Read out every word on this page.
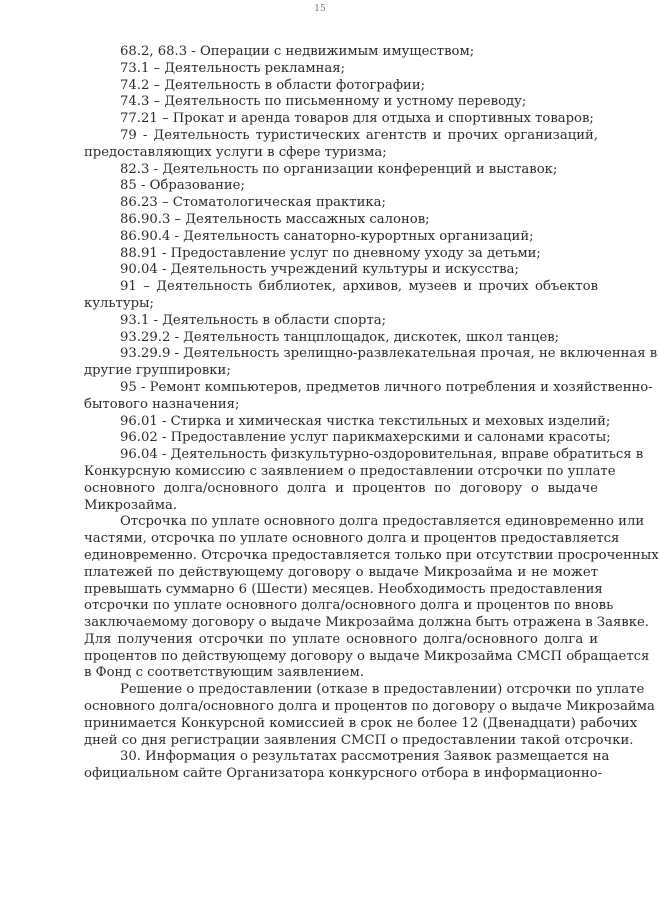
15
68.2, 68.3 - Операции с недвижимым имуществом;
73.1 – Деятельность рекламная;
74.2 – Деятельность в области фотографии;
74.3 – Деятельность по письменному и устному переводу;
77.21 – Прокат и аренда товаров для отдыха и спортивных товаров;
79 - Деятельность туристических агентств и прочих организаций,
предоставляющих услуги в сфере туризма;
82.3 - Деятельность по организации конференций и выставок;
85 - Образование;
86.23 – Стоматологическая практика;
86.90.3 – Деятельность массажных салонов;
86.90.4 - Деятельность санаторно-курортных организаций;
88.91 - Предоставление услуг по дневному уходу за детьми;
90.04 - Деятельность учреждений культуры и искусства;
91 – Деятельность библиотек, архивов, музеев и прочих объектов
культуры;
93.1 - Деятельность в области спорта;
93.29.2 - Деятельность танцплощадок, дискотек, школ танцев;
93.29.9 - Деятельность зрелищно-развлекательная прочая, не включенная в
другие группировки;
95 - Ремонт компьютеров, предметов личного потребления и хозяйственно-
бытового назначения;
96.01 - Стирка и химическая чистка текстильных и меховых изделий;
96.02 - Предоставление услуг парикмахерскими и салонами красоты;
96.04 - Деятельность физкультурно-оздоровительная, вправе обратиться в
Конкурсную комиссию с заявлением о предоставлении отсрочки по уплате
основного долга/основного долга и процентов по договору о выдаче
Микрозайма.
Отсрочка по уплате основного долга предоставляется единовременно или
частями, отсрочка по уплате основного долга и процентов предоставляется
единовременно. Отсрочка предоставляется только при отсутствии просроченных
платежей по действующему договору о выдаче Микрозайма и не может
превышать суммарно 6 (Шести) месяцев. Необходимость предоставления
отсрочки по уплате основного долга/основного долга и процентов по вновь
заключаемому договору о выдаче Микрозайма должна быть отражена в Заявке.
Для получения отсрочки по уплате основного долга/основного долга и
процентов по действующему договору о выдаче Микрозайма СМСП обращается
в Фонд с соответствующим заявлением.
Решение о предоставлении (отказе в предоставлении) отсрочки по уплате
основного долга/основного долга и процентов по договору о выдаче Микрозайма
принимается Конкурсной комиссией в срок не более 12 (Двенадцати) рабочих
дней со дня регистрации заявления СМСП о предоставлении такой отсрочки.
30. Информация о результатах рассмотрения Заявок размещается на
официальном сайте Организатора конкурсного отбора в информационно-
